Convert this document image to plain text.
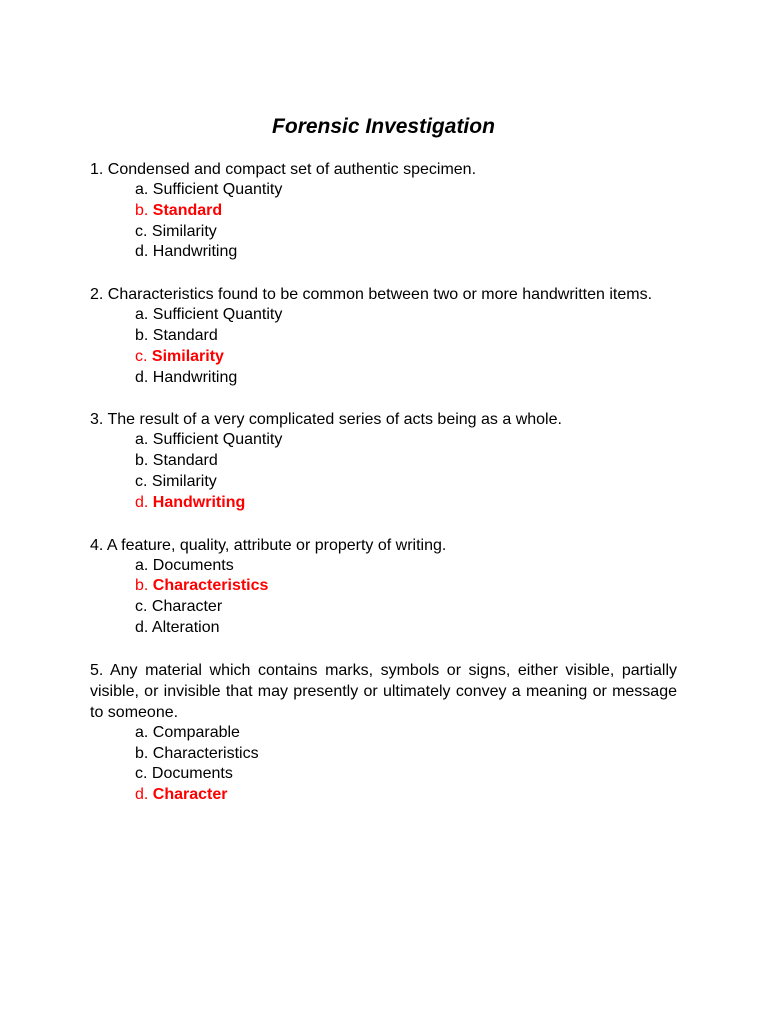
Forensic Investigation

1. Condensed and compact set of authentic specimen.

a. Sufficient Quantity
b. Standard
c. Similarity
d. Handwriting

2. Characteristics found to be common between two or more handwritten items.

a. Sufficient Quantity
b. Standard
c. Similarity
d. Handwriting

3. The result of a very complicated series of acts being as a whole.

a. Sufficient Quantity
b. Standard
c. Similarity
d. Handwriting

4. A feature, quality, attribute or property of writing.

a. Documents
b. Characteristics
c. Character
d. Alteration

5. Any material which contains marks, symbols or signs, either visible, partially visible, or invisible that may presently or ultimately convey a meaning or message to someone.

a. Comparable
b. Characteristics
c. Documents
d. Character
